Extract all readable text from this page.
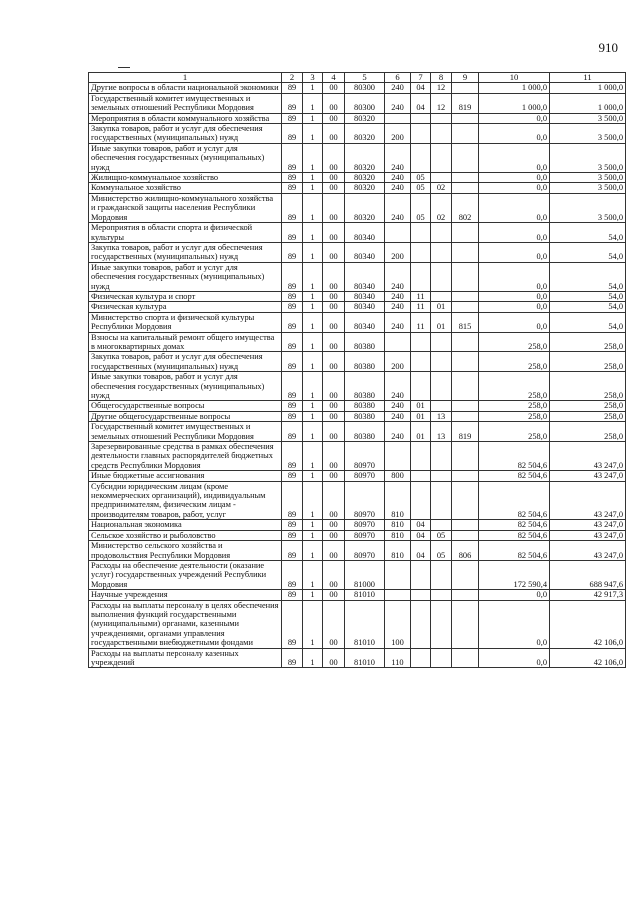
910
1	2	3	4	5	6	7	8	9	10	11
Другие вопросы в области национальной экономики	89	1	00	80300	240	04	12		1 000,0	1 000,0
Государственный комитет имущественных и земельных отношений Республики Мордовия	89	1	00	80300	240	04	12	819	1 000,0	1 000,0
Мероприятия в области коммунального хозяйства	89	1	00	80320					0,0	3 500,0
Закупка товаров, работ и услуг для обеспечения государственных (муниципальных) нужд	89	1	00	80320	200				0,0	3 500,0
Иные закупки товаров, работ и услуг для обеспечения государственных (муниципальных) нужд	89	1	00	80320	240				0,0	3 500,0
Жилищно-коммунальное хозяйство	89	1	00	80320	240	05			0,0	3 500,0
Коммунальное хозяйство	89	1	00	80320	240	05	02		0,0	3 500,0
Министерство жилищно-коммунального хозяйства и гражданской защиты населения Республики Мордовия	89	1	00	80320	240	05	02	802	0,0	3 500,0
Мероприятия в области спорта и физической культуры	89	1	00	80340					0,0	54,0
Закупка товаров, работ и услуг для обеспечения государственных (муниципальных) нужд	89	1	00	80340	200				0,0	54,0
Иные закупки товаров, работ и услуг для обеспечения государственных (муниципальных) нужд	89	1	00	80340	240				0,0	54,0
Физическая культура и спорт	89	1	00	80340	240	11			0,0	54,0
Физическая культура	89	1	00	80340	240	11	01		0,0	54,0
Министерство спорта и физической культуры Республики Мордовия	89	1	00	80340	240	11	01	815	0,0	54,0
Взносы на капитальный ремонт общего имущества в многоквартирных домах	89	1	00	80380					258,0	258,0
Закупка товаров, работ и услуг для обеспечения государственных (муниципальных) нужд	89	1	00	80380	200				258,0	258,0
Иные закупки товаров, работ и услуг для обеспечения государственных (муниципальных) нужд	89	1	00	80380	240				258,0	258,0
Общегосударственные вопросы	89	1	00	80380	240	01			258,0	258,0
Другие общегосударственные вопросы	89	1	00	80380	240	01	13		258,0	258,0
Государственный комитет имущественных и земельных отношений Республики Мордовия	89	1	00	80380	240	01	13	819	258,0	258,0
Зарезервированные средства в рамках обеспечения деятельности главных распорядителей бюджетных средств Республики Мордовия	89	1	00	80970					82 504,6	43 247,0
Иные бюджетные ассигнования	89	1	00	80970	800				82 504,6	43 247,0
Субсидии юридическим лицам (кроме некоммерческих организаций), индивидуальным предпринимателям, физическим лицам - производителям товаров, работ, услуг	89	1	00	80970	810				82 504,6	43 247,0
Национальная экономика	89	1	00	80970	810	04			82 504,6	43 247,0
Сельское хозяйство и рыболовство	89	1	00	80970	810	04	05		82 504,6	43 247,0
Министерство сельского хозяйства и продовольствия Республики Мордовия	89	1	00	80970	810	04	05	806	82 504,6	43 247,0
Расходы на обеспечение деятельности (оказание услуг) государственных учреждений Республики Мордовия	89	1	00	81000					172 590,4	688 947,6
Научные учреждения	89	1	00	81010					0,0	42 917,3
Расходы на выплаты персоналу в целях обеспечения выполнения функций государственными (муниципальными) органами, казенными учреждениями, органами управления государственными внебюджетными фондами	89	1	00	81010	100				0,0	42 106,0
Расходы на выплаты персоналу казенных учреждений	89	1	00	81010	110				0,0	42 106,0
